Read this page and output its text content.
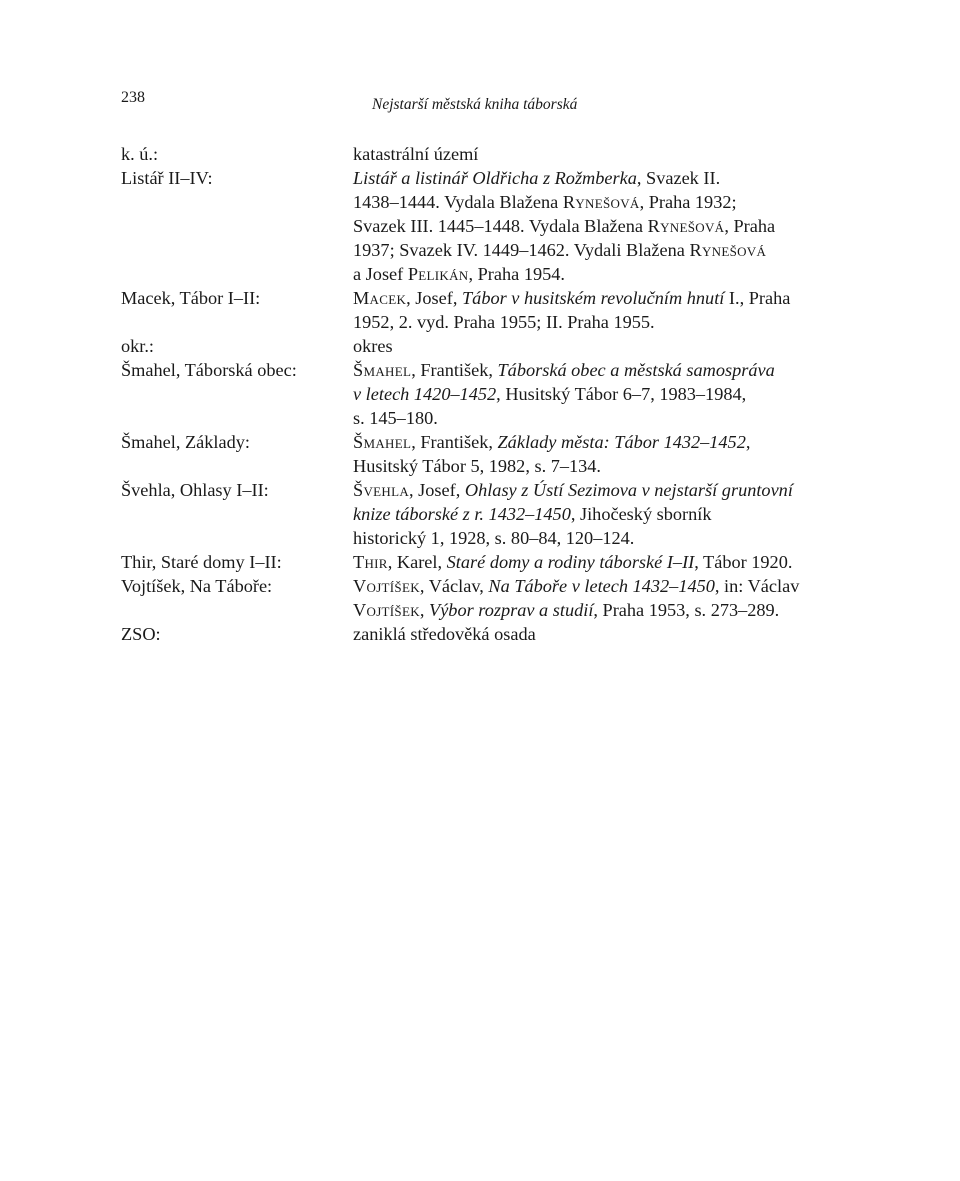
238	Nejstarší městská kniha táborská
k. ú.:	katastrální území
Listář II–IV:	Listář a listinář Oldřicha z Rožmberka, Svazek II.
1438–1444. Vydala Blažena Rynešová, Praha 1932;
Svazek III. 1445–1448. Vydala Blažena Rynešová, Praha
1937; Svazek IV. 1449–1462. Vydali Blažena Rynešová
a Josef Pelikán, Praha 1954.
Macek, Tábor I–II:	Macek, Josef, Tábor v husitském revolučním hnutí I., Praha
1952, 2. vyd. Praha 1955; II. Praha 1955.
okr.:	okres
Šmahel, Táborská obec:	Šmahel, František, Táborská obec a městská samospráva
v letech 1420–1452, Husitský Tábor 6–7, 1983–1984,
s. 145–180.
Šmahel, Základy:	Šmahel, František, Základy města: Tábor 1432–1452,
Husitský Tábor 5, 1982, s. 7–134.
Švehla, Ohlasy I–II:	Švehla, Josef, Ohlasy z Ústí Sezimova v nejstarší gruntovní
knize táborské z r. 1432–1450, Jihočeský sborník
historický 1, 1928, s. 80–84, 120–124.
Thir, Staré domy I–II:	Thir, Karel, Staré domy a rodiny táborské I–II, Tábor 1920.
Vojtíšek, Na Táboře:	Vojtíšek, Václav, Na Táboře v letech 1432–1450, in: Václav
Vojtíšek, Výbor rozprav a studií, Praha 1953, s. 273–289.
ZSO:	zaniklá středověká osada
